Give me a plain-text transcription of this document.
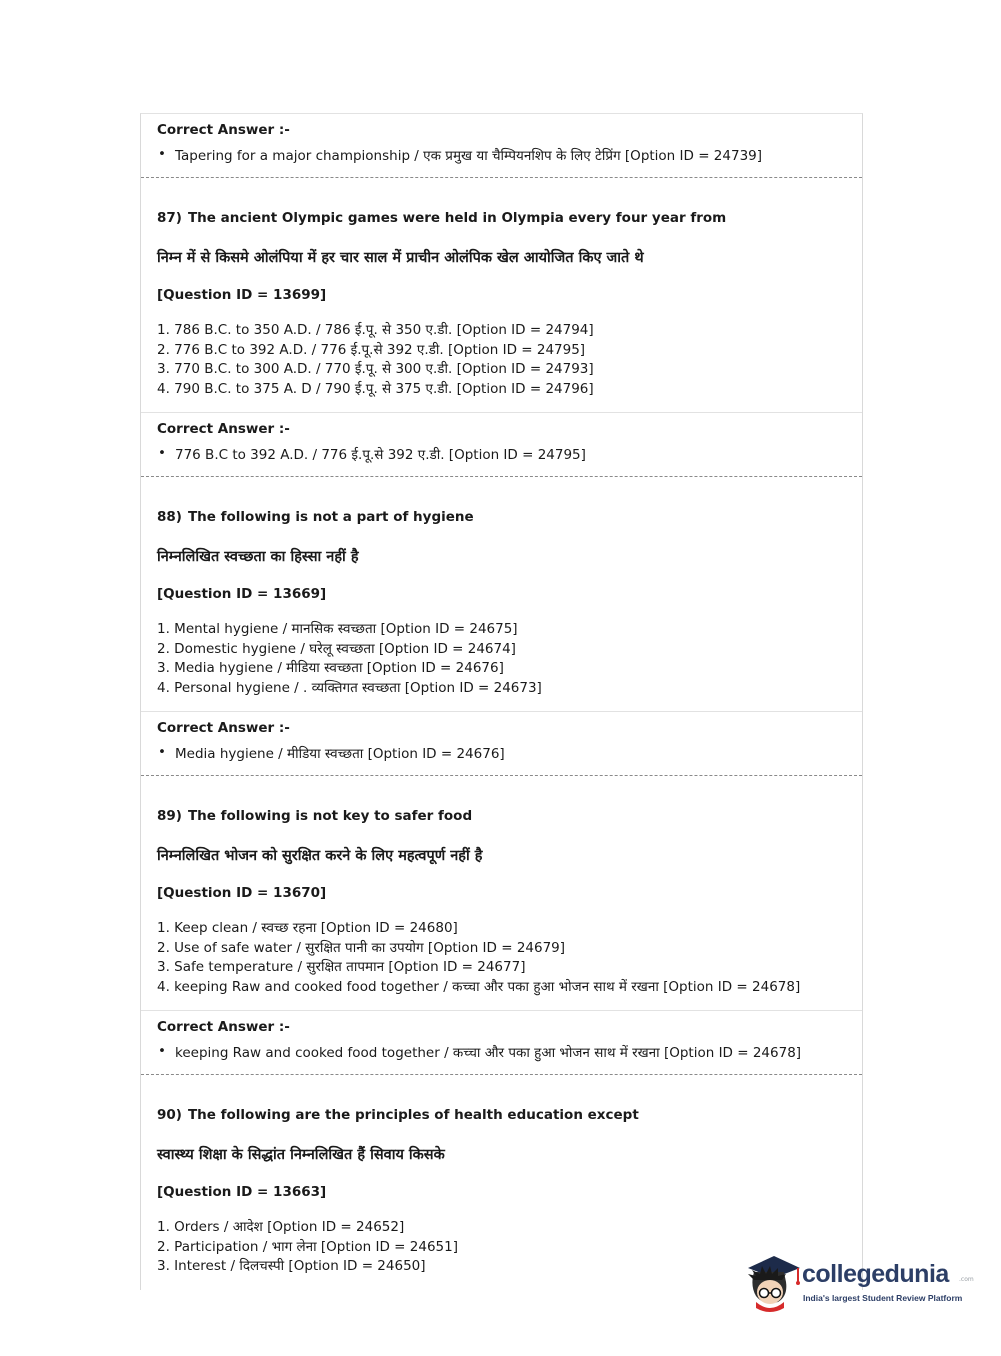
Correct Answer :-
• Tapering for a major championship / एक प्रमुख या चैम्पियनशिप के लिए टेप्रिंग [Option ID = 24739]
87) The ancient Olympic games were held in Olympia every four year from
निम्न में से किसमे ओलंपिया में हर चार साल में प्राचीन ओलंपिक खेल आयोजित किए जाते थे
[Question ID = 13699]
1. 786 B.C. to 350 A.D. / 786 ई.पू. से 350 ए.डी. [Option ID = 24794]
2. 776 B.C to 392 A.D. / 776 ई.पू.से 392 ए.डी. [Option ID = 24795]
3. 770 B.C. to 300 A.D. / 770 ई.पू. से 300 ए.डी. [Option ID = 24793]
4. 790 B.C. to 375 A. D / 790 ई.पू. से 375 ए.डी. [Option ID = 24796]
Correct Answer :-
• 776 B.C to 392 A.D. / 776 ई.पू.से 392 ए.डी. [Option ID = 24795]
88) The following is not a part of hygiene
निम्नलिखित स्वच्छता का हिस्सा नहीं है
[Question ID = 13669]
1. Mental hygiene / मानसिक स्वच्छता [Option ID = 24675]
2. Domestic hygiene / घरेलू स्वच्छता [Option ID = 24674]
3. Media hygiene / मीडिया स्वच्छता [Option ID = 24676]
4. Personal hygiene / . व्यक्तिगत स्वच्छता [Option ID = 24673]
Correct Answer :-
• Media hygiene / मीडिया स्वच्छता [Option ID = 24676]
89) The following is not key to safer food
निम्नलिखित भोजन को सुरक्षित करने के लिए महत्वपूर्ण नहीं है
[Question ID = 13670]
1. Keep clean / स्वच्छ रहना [Option ID = 24680]
2. Use of safe water / सुरक्षित पानी का उपयोग [Option ID = 24679]
3. Safe temperature / सुरक्षित तापमान [Option ID = 24677]
4. keeping Raw and cooked food together / कच्चा और पका हुआ भोजन साथ में रखना [Option ID = 24678]
Correct Answer :-
• keeping Raw and cooked food together / कच्चा और पका हुआ भोजन साथ में रखना [Option ID = 24678]
90) The following are the principles of health education except
स्वास्थ्य शिक्षा के सिद्धांत निम्नलिखित हैं सिवाय किसके
[Question ID = 13663]
1. Orders / आदेश [Option ID = 24652]
2. Participation / भाग लेना [Option ID = 24651]
3. Interest / दिलचस्पी [Option ID = 24650]	collegedunia .com
India's largest Student Review Platform
